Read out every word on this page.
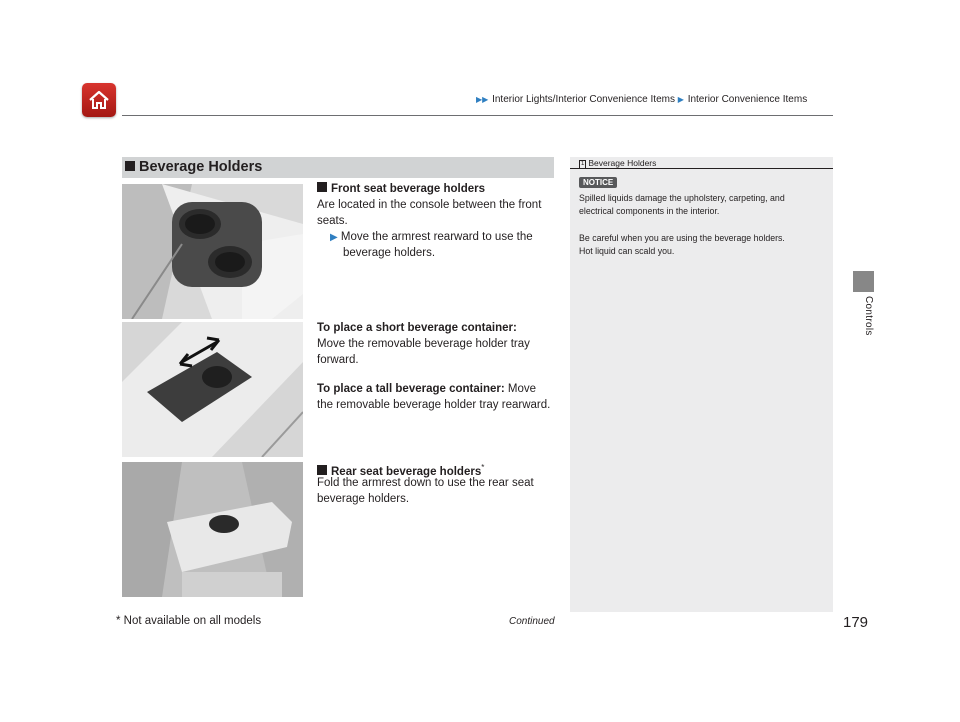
▶▶ Interior Lights/Interior Convenience Items ▶ Interior Convenience Items
Controls
Beverage Holders
Front seat beverage holders
Are located in the console between the front
seats.
▶ Move the armrest rearward to use the
beverage holders.
To place a short beverage container:
Move the removable beverage holder tray
forward.
To place a tall beverage container: Move
the removable beverage holder tray rearward.
Rear seat beverage holders*
Fold the armrest down to use the rear seat
beverage holders.
1 Beverage Holders
NOTICE
Spilled liquids damage the upholstery, carpeting, and
electrical components in the interior.
Be careful when you are using the beverage holders.
Hot liquid can scald you.
* Not available on all models	Continued	179
